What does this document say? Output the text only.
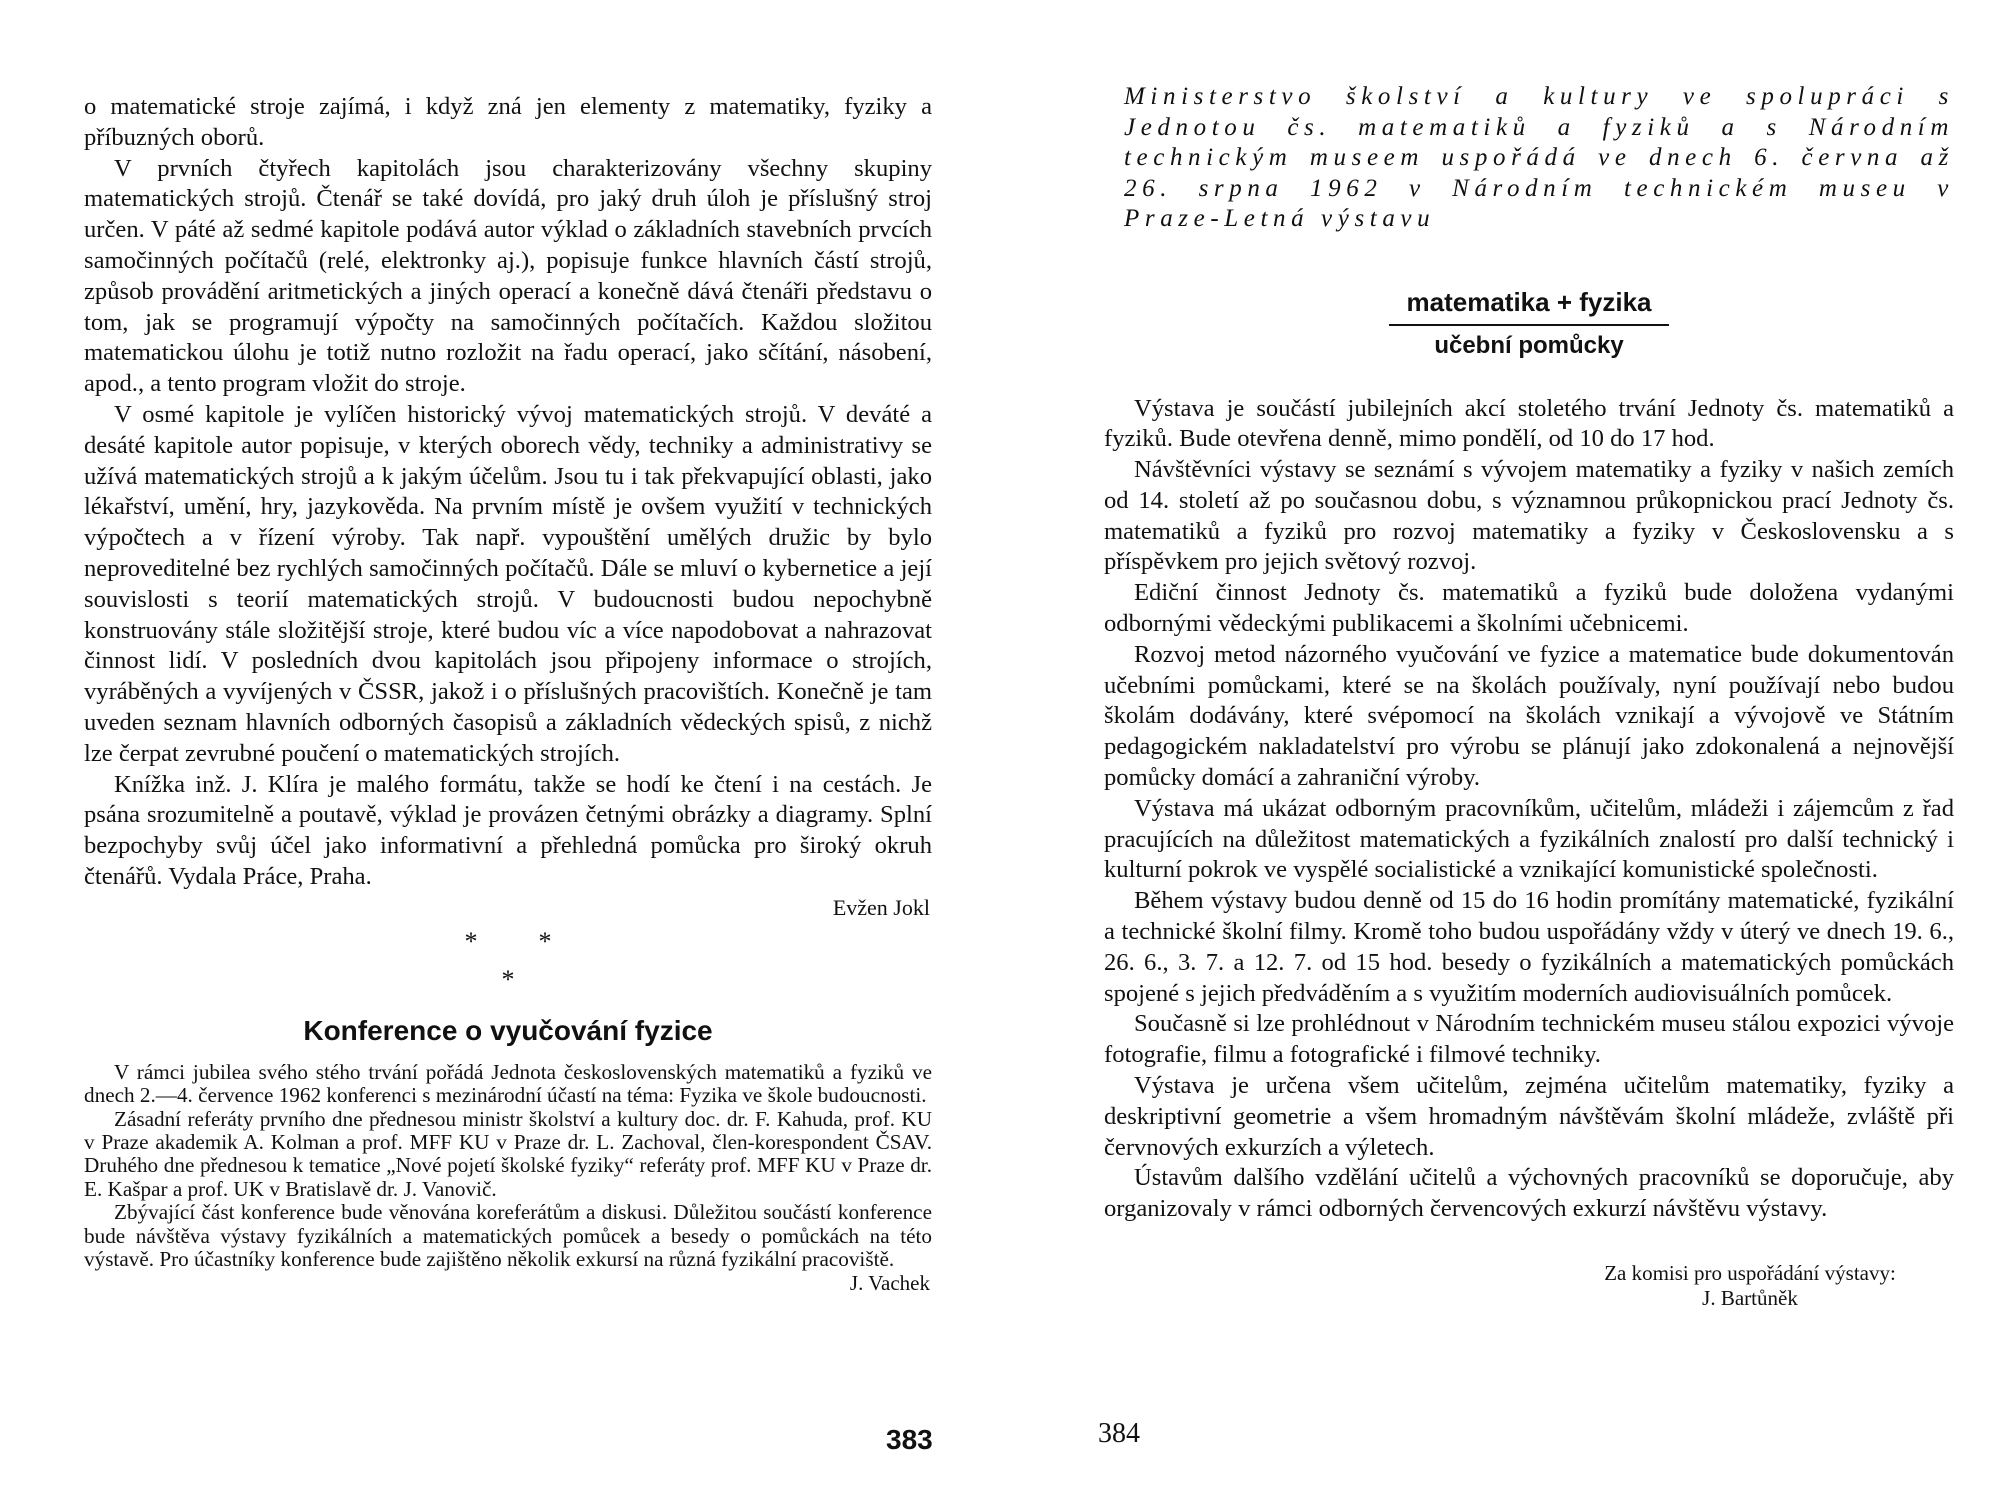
o matematické stroje zajímá, i když zná jen elementy z matematiky, fyziky a příbuzných oborů.

V prvních čtyřech kapitolách jsou charakterizovány všechny skupiny matematických strojů. Čtenář se také dovídá, pro jaký druh úloh je příslušný stroj určen. V páté až sedmé kapitole podává autor výklad o základních stavebních prvcích samočinných počítačů (relé, elektronky aj.), popisuje funkce hlavních částí strojů, způsob provádění aritmetických a jiných operací a konečně dává čtenáři představu o tom, jak se programují výpočty na samočinných počítačích. Každou složitou matematickou úlohu je totiž nutno rozložit na řadu operací, jako sčítání, násobení, apod., a tento program vložit do stroje.

V osmé kapitole je vylíčen historický vývoj matematických strojů. V deváté a desáté kapitole autor popisuje, v kterých oborech vědy, techniky a administrativy se užívá matematických strojů a k jakým účelům. Jsou tu i tak překvapující oblasti, jako lékařství, umění, hry, jazykověda. Na prvním místě je ovšem využití v technických výpočtech a v řízení výroby. Tak např. vypouštění umělých družic by bylo neproveditelné bez rychlých samočinných počítačů. Dále se mluví o kybernetice a její souvislosti s teorií matematických strojů. V budoucnosti budou nepochybně konstruovány stále složitější stroje, které budou víc a více napodobovat a nahrazovat činnost lidí. V posledních dvou kapitolách jsou připojeny informace o strojích, vyráběných a vyvíjených v ČSSR, jakož i o příslušných pracovištích. Konečně je tam uveden seznam hlavních odborných časopisů a základních vědeckých spisů, z nichž lze čerpat zevrubné poučení o matematických strojích.

Knížka inž. J. Klíra je malého formátu, takže se hodí ke čtení i na cestách. Je psána srozumitelně a poutavě, výklad je provázen četnými obrázky a diagramy. Splní bezpochyby svůj účel jako informativní a přehledná pomůcka pro široký okruh čtenářů. Vydala Práce, Praha.

Evžen Jokl

* *

*

Konference o vyučování fyzice

V rámci jubilea svého stého trvání pořádá Jednota československých matematiků a fyziků ve dnech 2.—4. července 1962 konferenci s mezinárodní účastí na téma: Fyzika ve škole budoucnosti.

Zásadní referáty prvního dne přednesou ministr školství a kultury doc. dr. F. Kahuda, prof. KU v Praze akademik A. Kolman a prof. MFF KU v Praze dr. L. Zachoval, člen-korespondent ČSAV. Druhého dne přednesou k tematice „Nové pojetí školské fyziky“ referáty prof. MFF KU v Praze dr. E. Kašpar a prof. UK v Bratislavě dr. J. Vanovič.

Zbývající část konference bude věnována koreferátům a diskusi. Důležitou součástí konference bude návštěva výstavy fyzikálních a matematických pomůcek a besedy o pomůckách na této výstavě. Pro účastníky konference bude zajištěno několik exkursí na různá fyzikální pracoviště.

J. Vachek

383

Ministerstvo školství a kultury ve spolupráci s Jednotou čs. matematiků a fyziků a s Národním technickým museem uspořádá ve dnech 6. června až 26. srpna 1962 v Národním technickém museu v Praze-Letná výstavu

matematika + fyzika
učební pomůcky

Výstava je součástí jubilejních akcí stoletého trvání Jednoty čs. matematiků a fyziků. Bude otevřena denně, mimo pondělí, od 10 do 17 hod.

Návštěvníci výstavy se seznámí s vývojem matematiky a fyziky v našich zemích od 14. století až po současnou dobu, s významnou průkopnickou prací Jednoty čs. matematiků a fyziků pro rozvoj matematiky a fyziky v Československu a s příspěvkem pro jejich světový rozvoj.

Ediční činnost Jednoty čs. matematiků a fyziků bude doložena vydanými odbornými vědeckými publikacemi a školními učebnicemi.

Rozvoj metod názorného vyučování ve fyzice a matematice bude dokumentován učebními pomůckami, které se na školách používaly, nyní používají nebo budou školám dodávány, které svépomocí na školách vznikají a vývojově ve Státním pedagogickém nakladatelství pro výrobu se plánují jako zdokonalená a nejnovější pomůcky domácí a zahraniční výroby.

Výstava má ukázat odborným pracovníkům, učitelům, mládeži i zájemcům z řad pracujících na důležitost matematických a fyzikálních znalostí pro další technický i kulturní pokrok ve vyspělé socialistické a vznikající komunistické společnosti.

Během výstavy budou denně od 15 do 16 hodin promítány matematické, fyzikální a technické školní filmy. Kromě toho budou uspořádány vždy v úterý ve dnech 19. 6., 26. 6., 3. 7. a 12. 7. od 15 hod. besedy o fyzikálních a matematických pomůckách spojené s jejich předváděním a s využitím moderních audiovisuálních pomůcek.

Současně si lze prohlédnout v Národním technickém museu stálou expozici vývoje fotografie, filmu a fotografické i filmové techniky.

Výstava je určena všem učitelům, zejména učitelům matematiky, fyziky a deskriptivní geometrie a všem hromadným návštěvám školní mládeže, zvláště při červnových exkurzích a výletech.

Ústavům dalšího vzdělání učitelů a výchovných pracovníků se doporučuje, aby organizovaly v rámci odborných červencových exkurzí návštěvu výstavy.

Za komisi pro uspořádání výstavy:
J. Bartůněk
384
